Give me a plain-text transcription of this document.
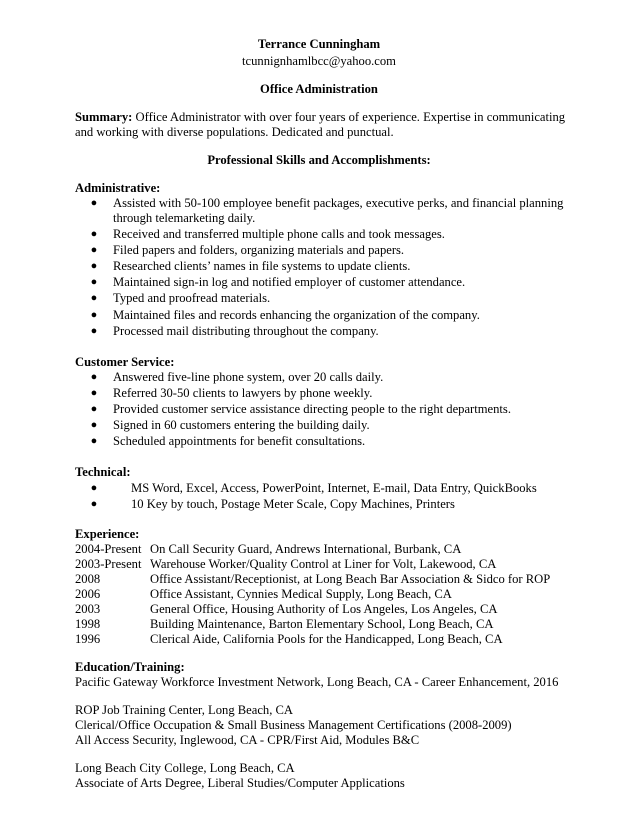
Terrance Cunningham
tcunnignhamlbcc@yahoo.com
Office Administration
Summary: Office Administrator with over four years of experience. Expertise in communicating
and working with diverse populations. Dedicated and punctual.
Professional Skills and Accomplishments:
Administrative:
● Assisted with 50-100 employee benefit packages, executive perks, and financial planning
through telemarketing daily.
● Received and transferred multiple phone calls and took messages.
● Filed papers and folders, organizing materials and papers.
● Researched clients’ names in file systems to update clients.
● Maintained sign-in log and notified employer of customer attendance.
● Typed and proofread materials.
● Maintained files and records enhancing the organization of the company.
● Processed mail distributing throughout the company.
Customer Service:
● Answered five-line phone system, over 20 calls daily.
● Referred 30-50 clients to lawyers by phone weekly.
● Provided customer service assistance directing people to the right departments.
● Signed in 60 customers entering the building daily.
● Scheduled appointments for benefit consultations.
Technical:
●	MS Word, Excel, Access, PowerPoint, Internet, E-mail, Data Entry, QuickBooks
●	10 Key by touch, Postage Meter Scale, Copy Machines, Printers
Experience:
2004-Present On Call Security Guard, Andrews International, Burbank, CA
2003-Present Warehouse Worker/Quality Control at Liner for Volt, Lakewood, CA
2008	Office Assistant/Receptionist, at Long Beach Bar Association & Sidco for ROP
2006	Office Assistant, Cynnies Medical Supply, Long Beach, CA
2003	General Office, Housing Authority of Los Angeles, Los Angeles, CA
1998	Building Maintenance, Barton Elementary School, Long Beach, CA
1996	Clerical Aide, California Pools for the Handicapped, Long Beach, CA
Education/Training:
Pacific Gateway Workforce Investment Network, Long Beach, CA - Career Enhancement, 2016
ROP Job Training Center, Long Beach, CA
Clerical/Office Occupation & Small Business Management Certifications (2008-2009)
All Access Security, Inglewood, CA - CPR/First Aid, Modules B&C
Long Beach City College, Long Beach, CA
Associate of Arts Degree, Liberal Studies/Computer Applications
